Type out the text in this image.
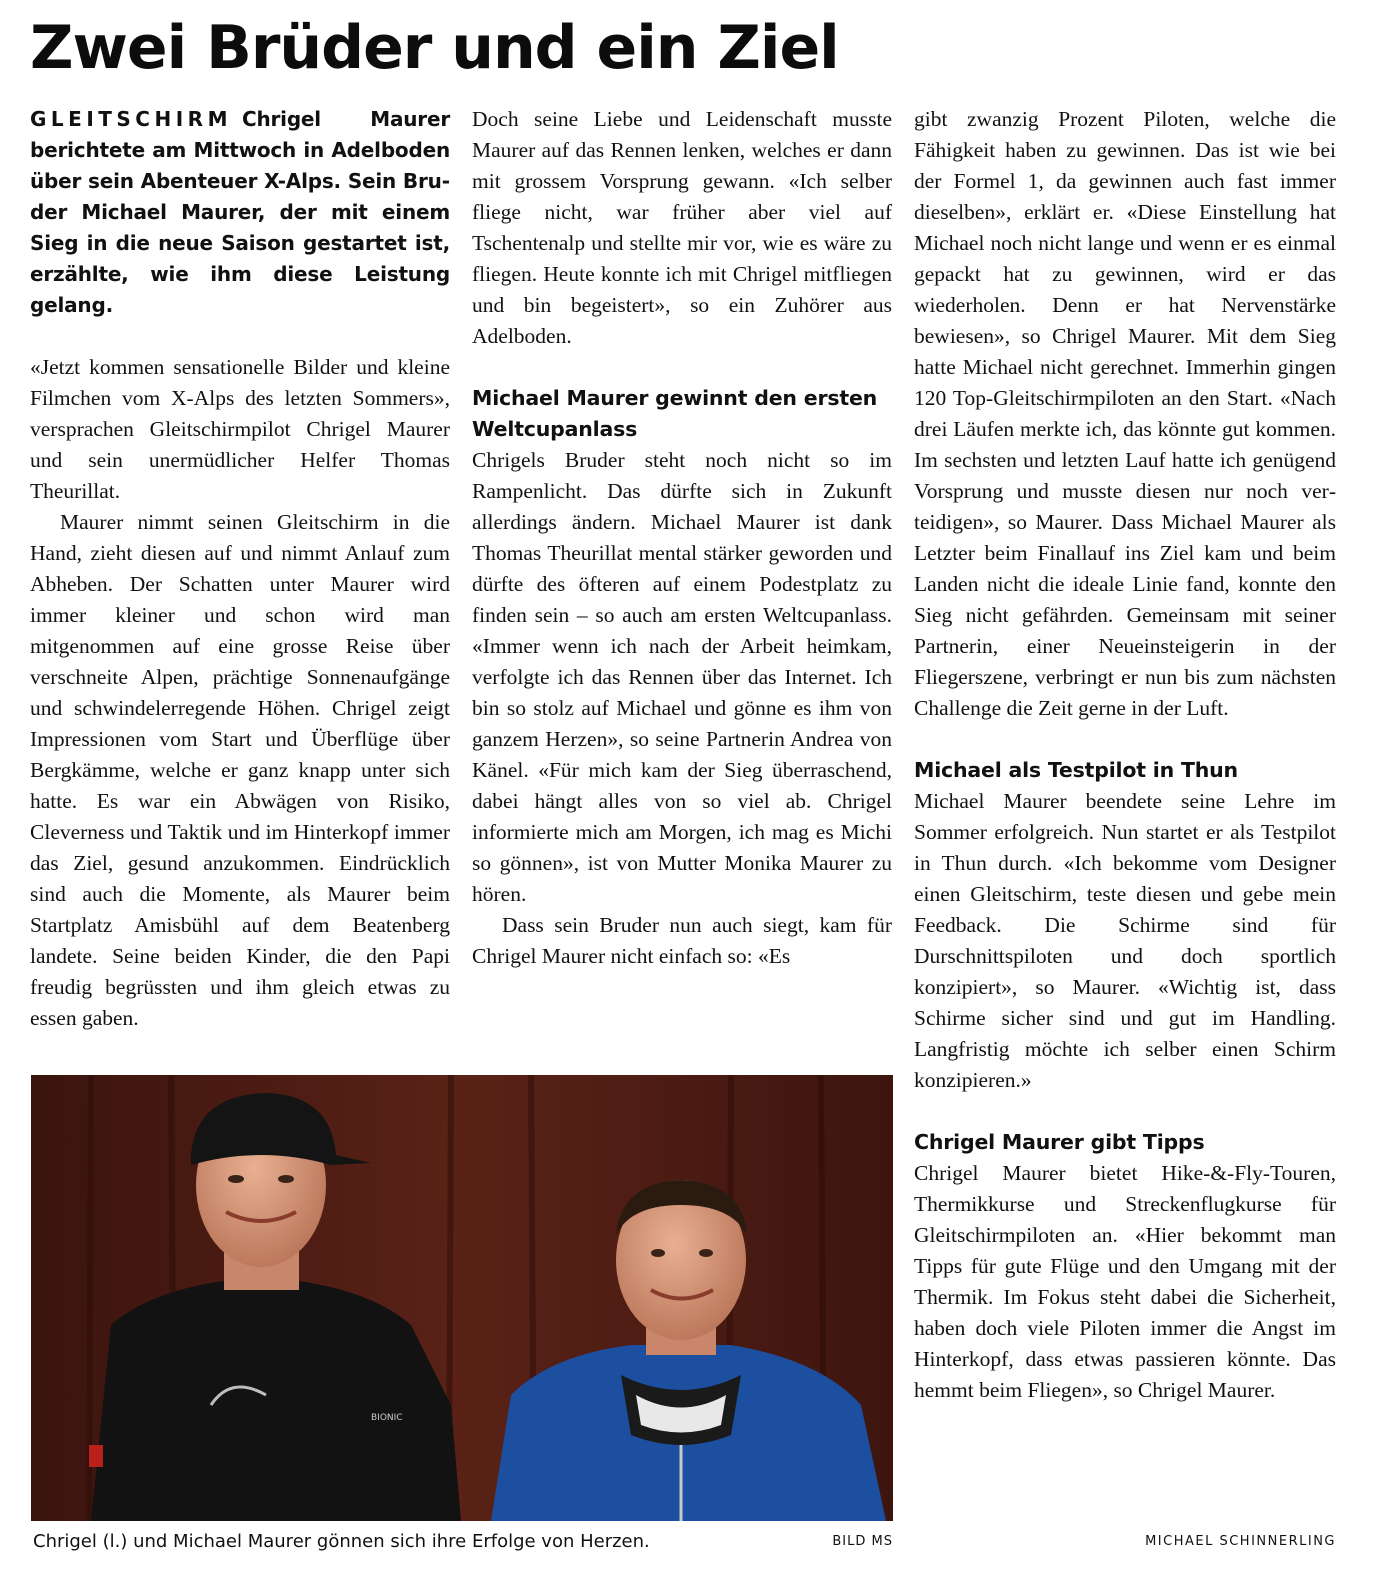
Zwei Brüder und ein Ziel

GLEITSCHIRM Chrigel Maurer berichtete am Mittwoch in Adelboden über sein Abenteuer X-Alps. Sein Bruder Michael Maurer, der mit einem Sieg in die neue Saison gestartet ist, erzählte, wie ihm diese Leistung gelang.

«Jetzt kommen sensationelle Bilder und kleine Filmchen vom X-Alps des letzten Sommers», versprachen Gleitschirmpilot Chrigel Maurer und sein unermüdlicher Helfer Thomas Theurillat.

Maurer nimmt seinen Gleitschirm in die Hand, zieht diesen auf und nimmt Anlauf zum Abheben. Der Schatten unter Maurer wird immer kleiner und schon wird man mitgenommen auf eine grosse Reise über verschneite Alpen, prächtige Sonnenaufgänge und schwindelerregende Höhen. Chrigel zeigt Impressionen vom Start und Überflüge über Bergkämme, welche er ganz knapp unter sich hatte. Es war ein Abwägen von Risiko, Cleverness und Taktik und im Hinterkopf immer das Ziel, gesund anzukommen. Eindrücklich sind auch die Momente, als Maurer beim Startplatz Amisbühl auf dem Beatenberg landete. Seine beiden Kinder, die den Papi freudig begrüssten und ihm gleich etwas zu essen gaben.

Doch seine Liebe und Leidenschaft musste Maurer auf das Rennen lenken, welches er dann mit grossem Vorsprung gewann. «Ich selber fliege nicht, war früher aber viel auf Tschentenalp und stellte mir vor, wie es wäre zu fliegen. Heute konnte ich mit Chrigel mitfliegen und bin begeistert», so ein Zuhörer aus Adelboden.

Michael Maurer gewinnt den ersten Weltcupanlass

Chrigels Bruder steht noch nicht so im Rampenlicht. Das dürfte sich in Zukunft allerdings ändern. Michael Maurer ist dank Thomas Theurillat mental stärker geworden und dürfte des öfteren auf einem Podestplatz zu finden sein – so auch am ersten Weltcupanlass. «Immer wenn ich nach der Arbeit heimkam, verfolgte ich das Rennen über das Internet. Ich bin so stolz auf Michael und gönne es ihm von ganzem Herzen», so seine Partnerin Andrea von Känel. «Für mich kam der Sieg überraschend, dabei hängt alles von so viel ab. Chrigel informierte mich am Morgen, ich mag es Michi so gönnen», ist von Mutter Monika Maurer zu hören.

Dass sein Bruder nun auch siegt, kam für Chrigel Maurer nicht einfach so: «Es

gibt zwanzig Prozent Piloten, welche die Fähigkeit haben zu gewinnen. Das ist wie bei der Formel 1, da gewinnen auch fast immer dieselben», erklärt er. «Diese Einstellung hat Michael noch nicht lange und wenn er es einmal gepackt hat zu gewinnen, wird er das wiederholen. Denn er hat Nervenstärke bewiesen», so Chrigel Maurer. Mit dem Sieg hatte Michael nicht gerechnet. Immerhin gingen 120 Top-Gleitschirmpiloten an den Start. «Nach drei Läufen merkte ich, das könnte gut kommen. Im sechsten und letzten Lauf hatte ich genügend Vorsprung und musste diesen nur noch verteidigen», so Maurer. Dass Michael Maurer als Letzter beim Finallauf ins Ziel kam und beim Landen nicht die ideale Linie fand, konnte den Sieg nicht gefährden. Gemeinsam mit seiner Partnerin, einer Neueinsteigerin in der Fliegerszene, verbringt er nun bis zum nächsten Challenge die Zeit gerne in der Luft.

Michael als Testpilot in Thun

Michael Maurer beendete seine Lehre im Sommer erfolgreich. Nun startet er als Testpilot in Thun durch. «Ich bekomme vom Designer einen Gleitschirm, teste diesen und gebe mein Feedback. Die Schirme sind für Durschnittspiloten und doch sportlich konzipiert», so Maurer. «Wichtig ist, dass Schirme sicher sind und gut im Handling. Langfristig möchte ich selber einen Schirm konzipieren.»

Chrigel Maurer gibt Tipps

Chrigel Maurer bietet Hike-&-Fly-Touren, Thermikkurse und Streckenflugkurse für Gleitschirmpiloten an. «Hier bekommt man Tipps für gute Flüge und den Umgang mit der Thermik. Im Fokus steht dabei die Sicherheit, haben doch viele Piloten immer die Angst im Hinterkopf, dass etwas passieren könnte. Das hemmt beim Fliegen», so Chrigel Maurer.

BIONIC
Chrigel (l.) und Michael Maurer gönnen sich ihre Erfolge von Herzen.	BILD MS	MICHAEL SCHINNERLING
